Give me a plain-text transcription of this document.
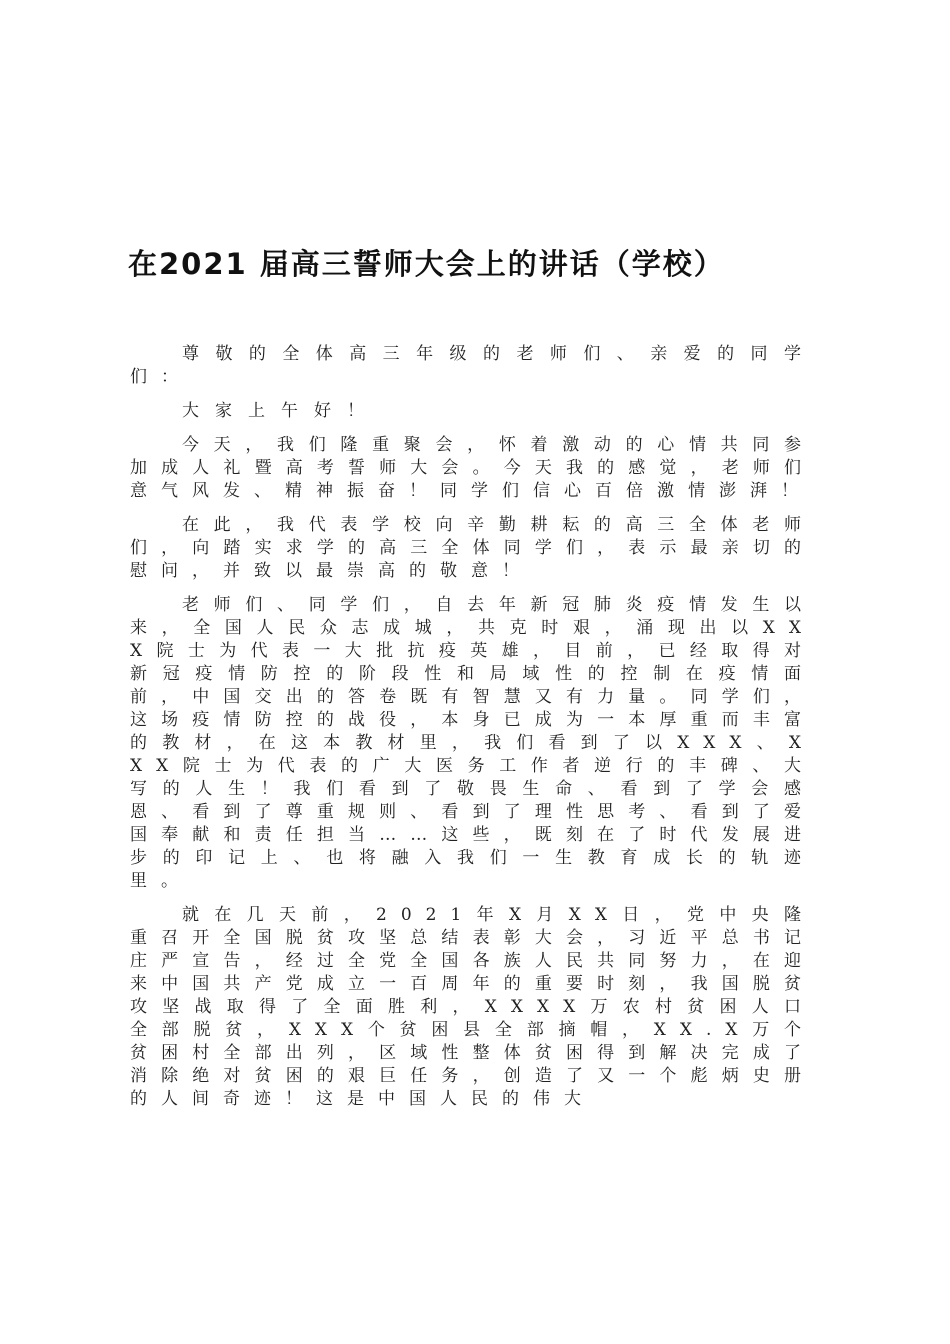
在2021 届高三誓师大会上的讲话（学校）

尊敬的全体高三年级的老师们、亲爱的同学们：

大家上午好！

今天，我们隆重聚会，怀着激动的心情共同参加成人礼暨高考誓师大会。今天我的感觉，老师们意气风发、精神振奋！同学们信心百倍激情澎湃！

在此，我代表学校向辛勤耕耘的高三全体老师们，向踏实求学的高三全体同学们，表示最亲切的慰问，并致以最崇高的敬意！

老师们、同学们，自去年新冠肺炎疫情发生以来，全国人民众志成城，共克时艰，涌现出以XXX院士为代表一大批抗疫英雄，目前，已经取得对新冠疫情防控的阶段性和局域性的控制在疫情面前，中国交出的答卷既有智慧又有力量。同学们，这场疫情防控的战役，本身已成为一本厚重而丰富的教材，在这本教材里，我们看到了以XXX、XXX院士为代表的广大医务工作者逆行的丰碑、大写的人生！我们看到了敬畏生命、看到了学会感恩、看到了尊重规则、看到了理性思考、看到了爱国奉献和责任担当……这些，既刻在了时代发展进步的印记上、也将融入我们一生教育成长的轨迹里。

就在几天前，2021年X月XX日，党中央隆重召开全国脱贫攻坚总结表彰大会，习近平总书记庄严宣告，经过全党全国各族人民共同努力，在迎来中国共产党成立一百周年的重要时刻，我国脱贫攻坚战取得了全面胜利，XXXX万农村贫困人口全部脱贫，XXX个贫困县全部摘帽，XX.X万个贫困村全部出列，区域性整体贫困得到解决完成了消除绝对贫困的艰巨任务，创造了又一个彪炳史册的人间奇迹！这是中国人民的伟大
